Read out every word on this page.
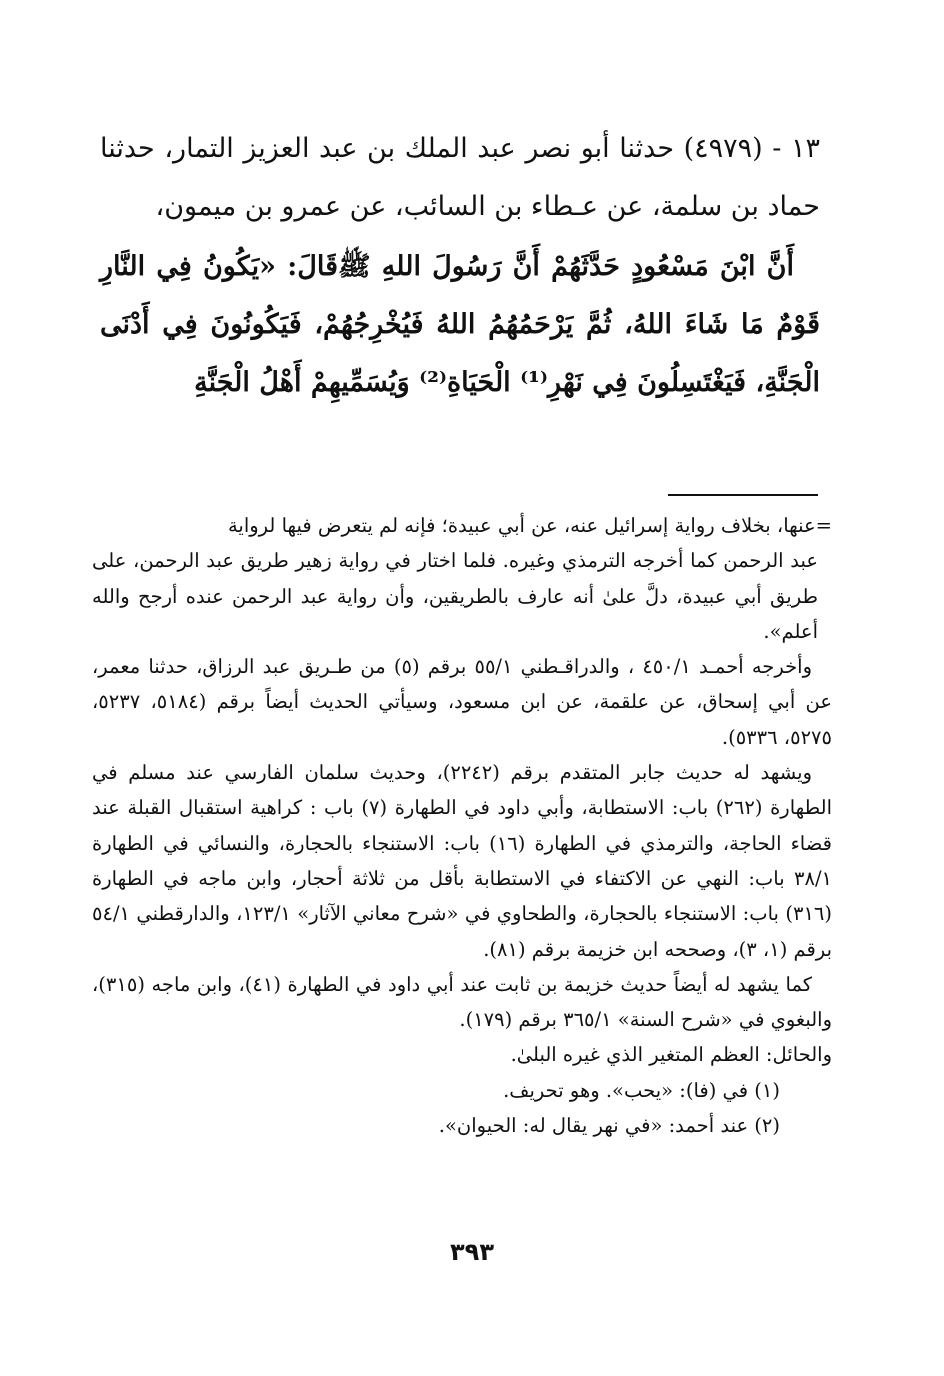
١٣ - (٤٩٧٩) حدثنا أبو نصر عبد الملك بن عبد العزيز التمار، حدثنا حماد بن سلمة، عن عـطاء بن السائب، عن عمرو بن ميمون،

أَنَّ ابْنَ مَسْعُودٍ حَدَّثَهُمْ أَنَّ رَسُولَ اللهِ ﷺقَالَ: «يَكُونُ فِي النَّارِ قَوْمٌ مَا شَاءَ اللهُ، ثُمَّ يَرْحَمُهُمُ اللهُ فَيُخْرِجُهُمْ، فَيَكُونُونَ فِي أَدْنَى الْجَنَّةِ، فَيَغْتَسِلُونَ فِي نَهْرِ⁽¹⁾ الْحَيَاةِ⁽²⁾ وَيُسَمِّيهِمْ أَهْلُ الْجَنَّةِ

=عنها، بخلاف رواية إسرائيل عنه، عن أبي عبيدة؛ فإنه لم يتعرض فيها لرواية

عبد الرحمن كما أخرجه الترمذي وغيره. فلما اختار في رواية زهير طريق عبد الرحمن، على طريق أبي عبيدة، دلَّ علىٰ أنه عارف بالطريقين، وأن رواية عبد الرحمن عنده أرجح والله أعلم».

وأخرجه أحمـد ٤٥٠/١ ، والدراقـطني ٥٥/١ برقم (٥) من طـريق عبد الرزاق، حدثنا معمر، عن أبي إسحاق، عن علقمة، عن ابن مسعود، وسيأتي الحديث أيضاً برقم (٥١٨٤، ٥٢٣٧، ٥٢٧٥، ٥٣٣٦).

ويشهد له حديث جابر المتقدم برقم (٢٢٤٢)، وحديث سلمان الفارسي عند مسلم في الطهارة (٢٦٢) باب: الاستطابة، وأبي داود في الطهارة (٧) باب : كراهية استقبال القبلة عند قضاء الحاجة، والترمذي في الطهارة (١٦) باب: الاستنجاء بالحجارة، والنسائي في الطهارة ٣٨/١ باب: النهي عن الاكتفاء في الاستطابة بأقل من ثلاثة أحجار، وابن ماجه في الطهارة (٣١٦) باب: الاستنجاء بالحجارة، والطحاوي في «شرح معاني الآثار» ١٢٣/١، والدارقطني ٥٤/١ برقم (١، ٣)، وصححه ابن خزيمة برقم (٨١).

كما يشهد له أيضاً حديث خزيمة بن ثابت عند أبي داود في الطهارة (٤١)، وابن ماجه (٣١٥)، والبغوي في «شرح السنة» ٣٦٥/١ برقم (١٧٩).

والحائل: العظم المتغير الذي غيره البلىٰ.

(١) في (فا): «يحب». وهو تحريف.

(٢) عند أحمد: «في نهر يقال له: الحيوان».

٣٩٣
